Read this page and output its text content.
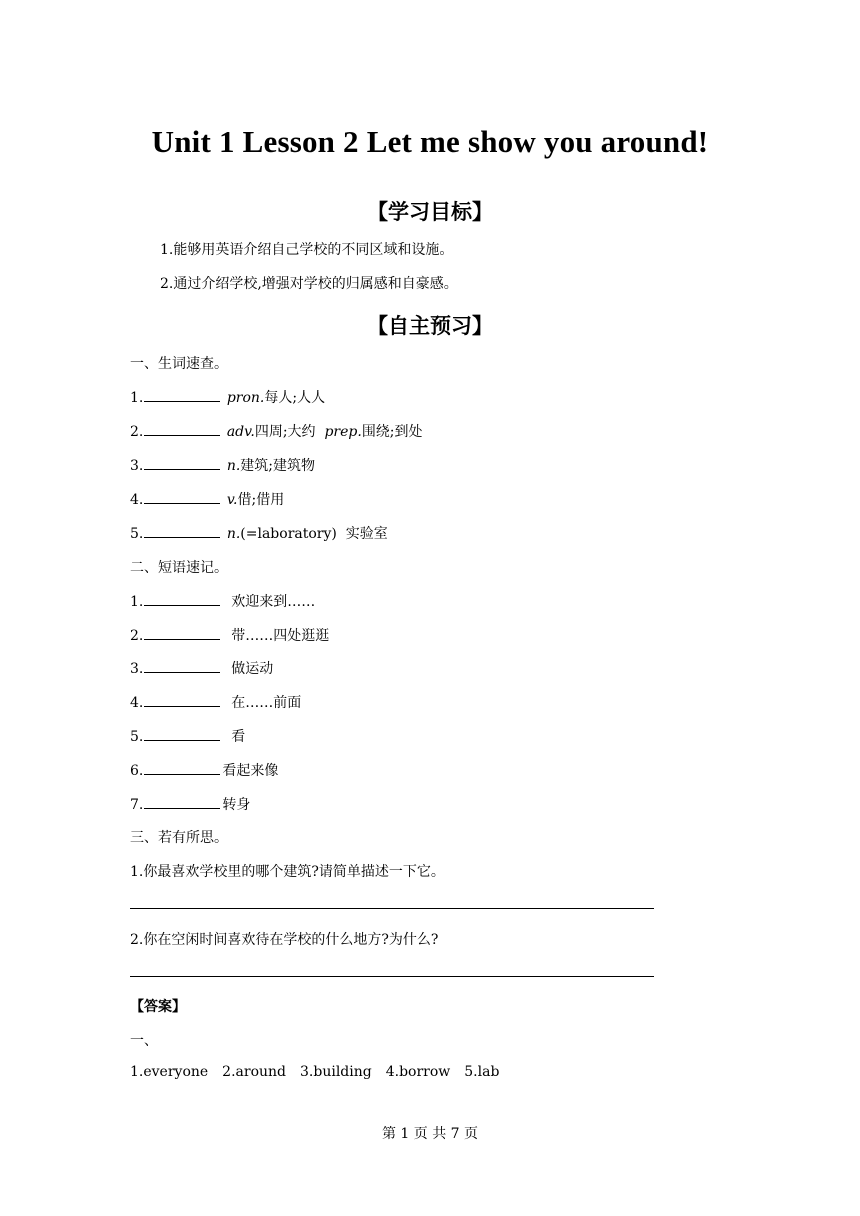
Unit 1 Lesson 2 Let me show you around!
【学习目标】
1.能够用英语介绍自己学校的不同区域和设施。
2.通过介绍学校,增强对学校的归属感和自豪感。
【自主预习】
一、生词速查。
1.	pron.每人;人人
2.	adv.四周;大约 prep.围绕;到处
3.	n.建筑;建筑物
4.	v.借;借用
5.	n.(=laboratory)  实验室
二、短语速记。
1.	欢迎来到……
2.	带……四处逛逛
3.	做运动
4.	在……前面
5.	看
6.	看起来像
7.	转身
三、若有所思。
1.你最喜欢学校里的哪个建筑?请简单描述一下它。
2.你在空闲时间喜欢待在学校的什么地方?为什么?
【答案】
一、
1.everyone 2.around 3.building 4.borrow 5.lab
第 1 页 共 7 页
